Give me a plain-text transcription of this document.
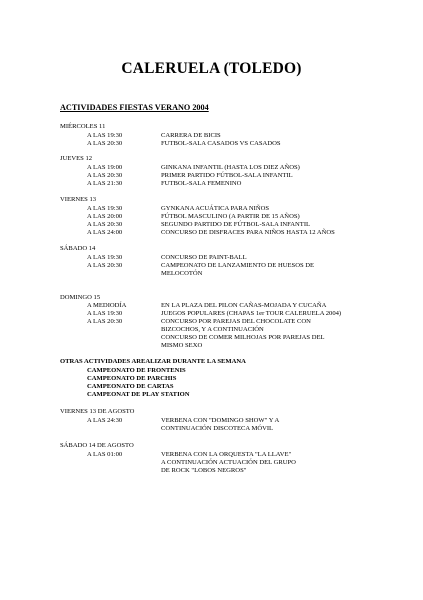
CALERUELA (TOLEDO)
ACTIVIDADES FIESTAS VERANO 2004
MIÉRCOLES 11
A LAS 19:30	CARRERA DE BICIS
A LAS 20:30	FUTBOL-SALA CASADOS VS CASADOS
JUEVES 12
A LAS 19:00	GINKANA INFANTIL (HASTA LOS DIEZ AÑOS)
A LAS 20:30	PRIMER PARTIDO FÚTBOL-SALA INFANTIL
A LAS 21:30	FUTBOL-SALA FEMENINO
VIERNES 13
A LAS 19:30	GYNKANA ACUÁTICA PARA NIÑOS
A LAS 20:00	FÚTBOL MASCULINO (A PARTIR DE 15 AÑOS)
A LAS 20:30	SEGUNDO PARTIDO DE FÚTBOL-SALA INFANTIL
A LAS 24:00	CONCURSO DE DISFRACES PARA NIÑOS HASTA 12 AÑOS
SÁBADO 14
A LAS 19:30	CONCURSO DE PAINT-BALL
A LAS 20:30	CAMPEONATO DE LANZAMIENTO DE HUESOS DE
MELOCOTÓN
DOMINGO 15
A MEDIODÍA	EN LA PLAZA DEL PILON CAÑAS-MOJADA Y CUCAÑA
A LAS 19:30	JUEGOS POPULARES (CHAPAS 1er TOUR CALERUELA 2004)
A LAS 20:30	CONCURSO POR PAREJAS DEL CHOCOLATE CON
BIZCOCHOS, Y A CONTINUACIÓN
CONCURSO DE COMER MILHOJAS POR PAREJAS DEL
MISMO SEXO
OTRAS ACTIVIDADES AREALIZAR DURANTE LA SEMANA
CAMPEONATO DE FRONTENIS
CAMPEONATO DE PARCHIS
CAMPEONATO DE CARTAS
CAMPEONAT DE PLAY STATION
VIERNES 13 DE AGOSTO
A LAS 24:30	VERBENA CON "DOMINGO SHOW" Y A
CONTINUACIÓN DISCOTECA MÓVIL
SÁBADO 14 DE AGOSTO
A LAS 01:00	VERBENA CON LA ORQUESTA "LA LLAVE"
A CONTINUACIÓN ACTUACIÓN DEL GRUPO
DE ROCK "LOBOS NEGROS"
